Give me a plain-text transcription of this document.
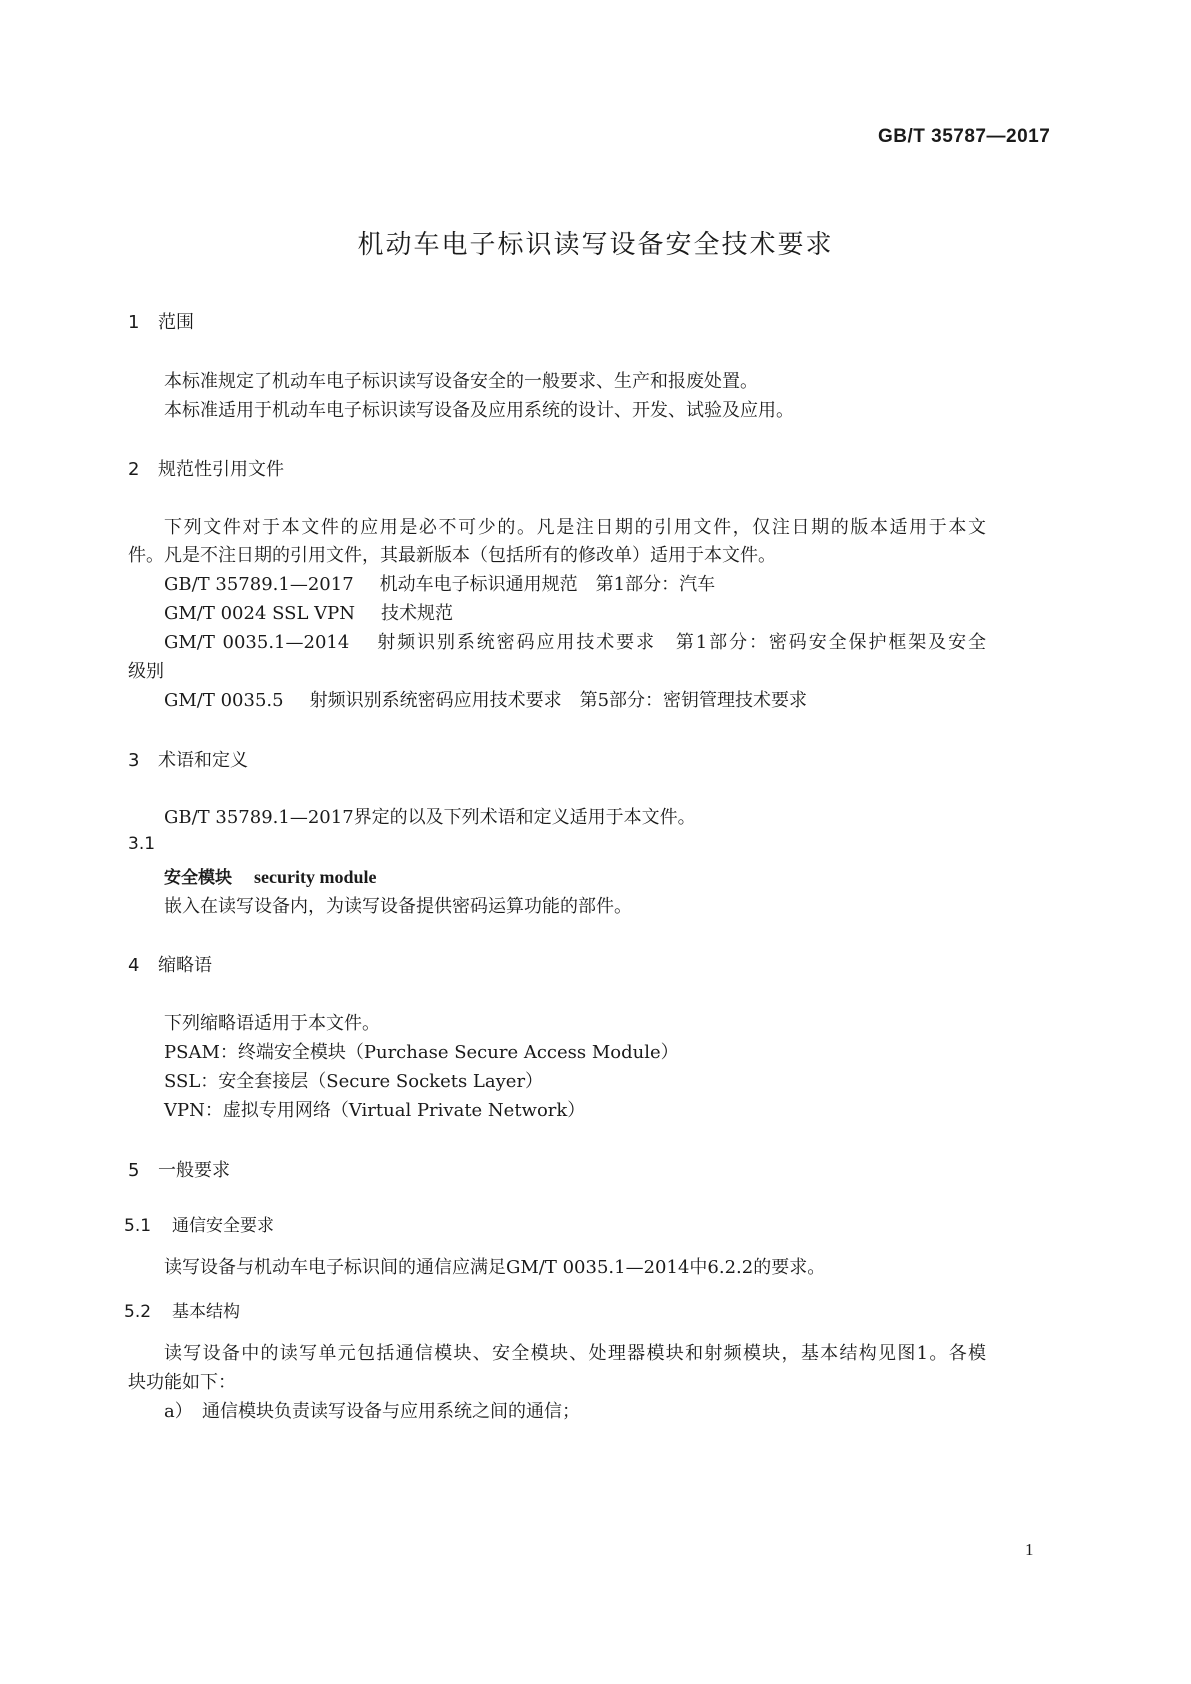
GB/T 35787—2017
机动车电子标识读写设备安全技术要求
1 范围
本标准规定了机动车电子标识读写设备安全的一般要求、生产和报废处置。
本标准适用于机动车电子标识读写设备及应用系统的设计、开发、试验及应用。
2 规范性引用文件
下列文件对于本文件的应用是必不可少的。凡是注日期的引用文件，仅注日期的版本适用于本文
件。凡是不注日期的引用文件，其最新版本（包括所有的修改单）适用于本文件。
GB/T 35789.1—2017 机动车电子标识通用规范　第1部分：汽车
GM/T 0024 SSL VPN 技术规范
GM/T 0035.1—2014 射频识别系统密码应用技术要求　第1部分：密码安全保护框架及安全
级别
GM/T 0035.5 射频识别系统密码应用技术要求　第5部分：密钥管理技术要求
3 术语和定义
GB/T 35789.1—2017界定的以及下列术语和定义适用于本文件。
3.1
安全模块 security module
嵌入在读写设备内，为读写设备提供密码运算功能的部件。
4 缩略语
下列缩略语适用于本文件。
PSAM：终端安全模块（Purchase Secure Access Module）
SSL：安全套接层（Secure Sockets Layer）
VPN：虚拟专用网络（Virtual Private Network）
5 一般要求
5.1 通信安全要求
读写设备与机动车电子标识间的通信应满足GM/T 0035.1—2014中6.2.2的要求。
5.2 基本结构
读写设备中的读写单元包括通信模块、安全模块、处理器模块和射频模块，基本结构见图1。各模
块功能如下：
a） 通信模块负责读写设备与应用系统之间的通信；
1
